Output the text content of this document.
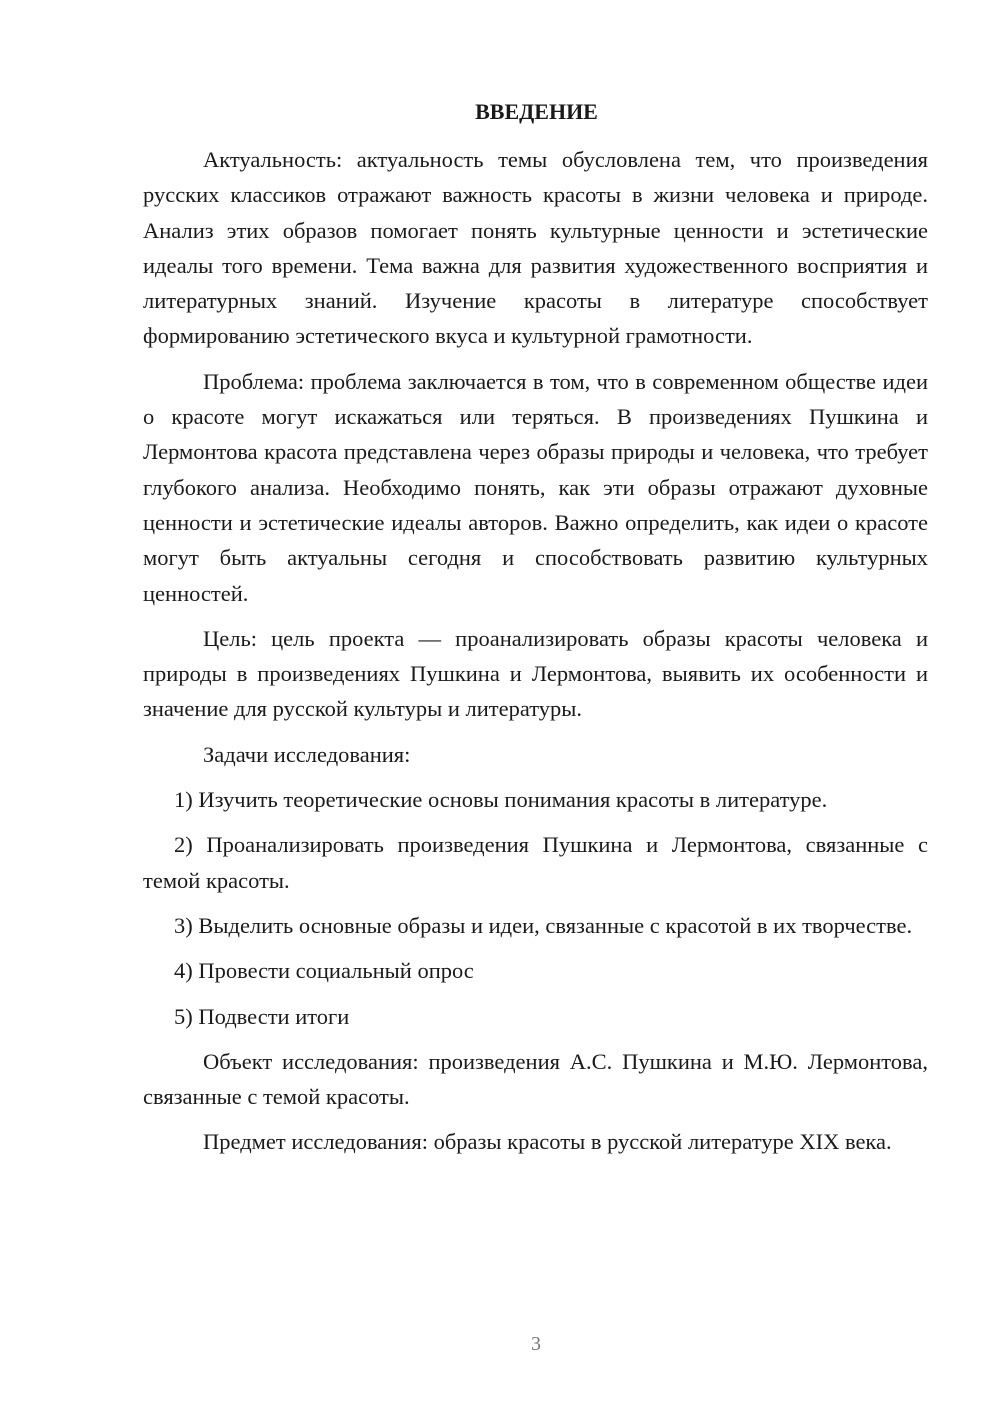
ВВЕДЕНИЕ

Актуальность: актуальность темы обусловлена тем, что произведения русских классиков отражают важность красоты в жизни человека и природе. Анализ этих образов помогает понять культурные ценности и эстетические идеалы того времени. Тема важна для развития художественного восприятия и литературных знаний. Изучение красоты в литературе способствует формированию эстетического вкуса и культурной грамотности.

Проблема: проблема заключается в том, что в современном обществе идеи о красоте могут искажаться или теряться. В произведениях Пушкина и Лермонтова красота представлена через образы природы и человека, что требует глубокого анализа. Необходимо понять, как эти образы отражают духовные ценности и эстетические идеалы авторов. Важно определить, как идеи о красоте могут быть актуальны сегодня и способствовать развитию культурных ценностей.

Цель: цель проекта — проанализировать образы красоты человека и природы в произведениях Пушкина и Лермонтова, выявить их особенности и значение для русской культуры и литературы.

Задачи исследования:

1) Изучить теоретические основы понимания красоты в литературе.

2) Проанализировать произведения Пушкина и Лермонтова, связанные с темой красоты.

3) Выделить основные образы и идеи, связанные с красотой в их творчестве.

4) Провести социальный опрос

5) Подвести итоги

Объект исследования: произведения А.С. Пушкина и М.Ю. Лермонтова, связанные с темой красоты.

Предмет исследования: образы красоты в русской литературе XIX века.

3
